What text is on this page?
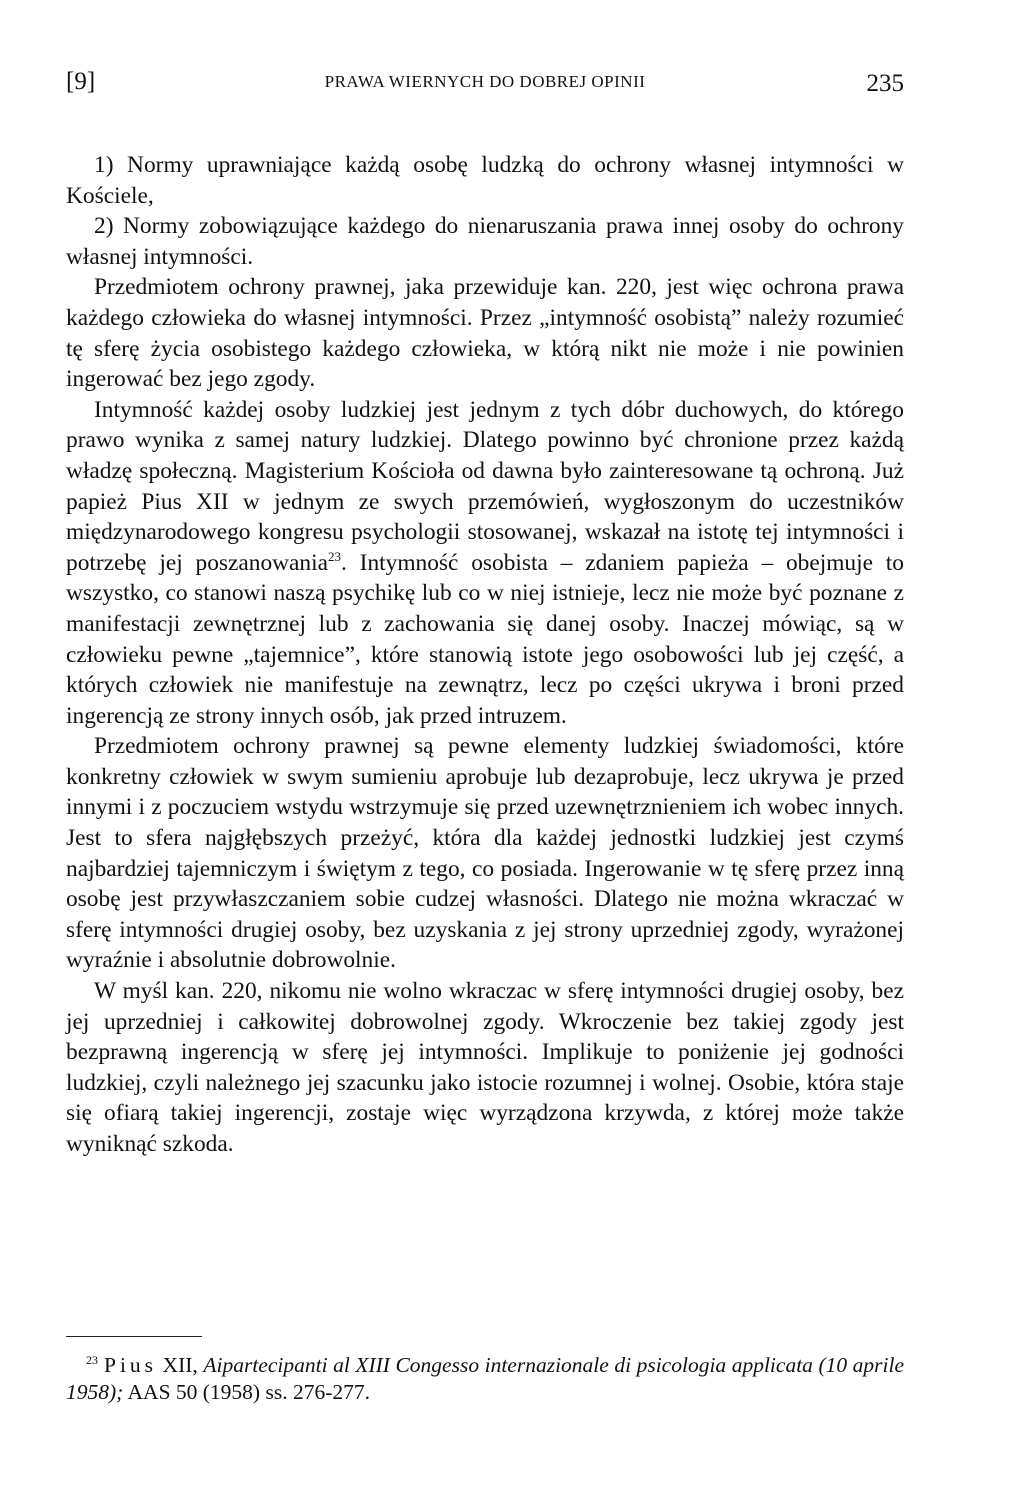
[9]	PRAWA WIERNYCH DO DOBREJ OPINII	235

1) Normy uprawniające każdą osobę ludzką do ochrony własnej intymności w Kościele,

2) Normy zobowiązujące każdego do nienaruszania prawa innej osoby do ochrony własnej intymności.

Przedmiotem ochrony prawnej, jaka przewiduje kan. 220, jest więc ochrona prawa każdego człowieka do własnej intymności. Przez „intymność osobistą” należy rozumieć tę sferę życia osobistego każdego człowieka, w którą nikt nie może i nie powinien ingerować bez jego zgody.

Intymność każdej osoby ludzkiej jest jednym z tych dóbr duchowych, do którego prawo wynika z samej natury ludzkiej. Dlatego powinno być chronione przez każdą władzę społeczną. Magisterium Kościoła od dawna było zainteresowane tą ochroną. Już papież Pius XII w jednym ze swych przemówień, wygłoszonym do uczestników międzynarodowego kongresu psychologii stosowanej, wskazał na istotę tej intymności i potrzebę jej poszanowania$^{23}$. Intymność osobista – zdaniem papieża – obejmuje to wszystko, co stanowi naszą psychikę lub co w niej istnieje, lecz nie może być poznane z manifestacji zewnętrznej lub z zachowania się danej osoby. Inaczej mówiąc, są w człowieku pewne „tajemnice”, które stanowią istote jego osobowości lub jej część, a których człowiek nie manifestuje na zewnątrz, lecz po części ukrywa i broni przed ingerencją ze strony innych osób, jak przed intruzem.

Przedmiotem ochrony prawnej są pewne elementy ludzkiej świadomości, które konkretny człowiek w swym sumieniu aprobuje lub dezaprobuje, lecz ukrywa je przed innymi i z poczuciem wstydu wstrzymuje się przed uzewnętrznieniem ich wobec innych. Jest to sfera najgłębszych przeżyć, która dla każdej jednostki ludzkiej jest czymś najbardziej tajemniczym i świętym z tego, co posiada. Ingerowanie w tę sferę przez inną osobę jest przywłaszczaniem sobie cudzej własności. Dlatego nie można wkraczać w sferę intymności drugiej osoby, bez uzyskania z jej strony uprzedniej zgody, wyrażonej wyraźnie i absolutnie dobrowolnie.

W myśl kan. 220, nikomu nie wolno wkraczac w sferę intymności drugiej osoby, bez jej uprzedniej i całkowitej dobrowolnej zgody. Wkroczenie bez takiej zgody jest bezprawną ingerencją w sferę jej intymności. Implikuje to poniżenie jej godności ludzkiej, czyli należnego jej szacunku jako istocie rozumnej i wolnej. Osobie, która staje się ofiarą takiej ingerencji, zostaje więc wyrządzona krzywda, z której może także wyniknąć szkoda.

$^{23}$ Pius XII, Aipartecipanti al XIII Congesso internazionale di psicologia applicata (10 aprile 1958); AAS 50 (1958) ss. 276-277.
